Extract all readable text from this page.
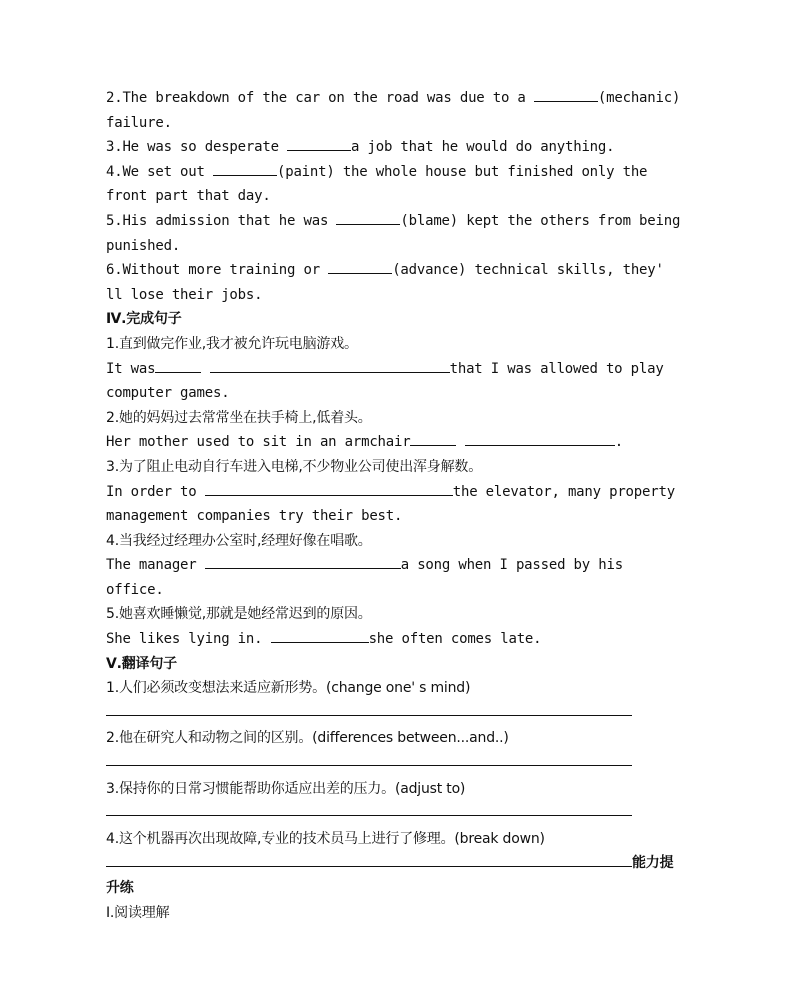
2.The breakdown of the car on the road was due to a	(mechanic)
failure.
3.He was so desperate	a job that he would do anything.
4.We set out	(paint) the whole house but finished only the
front part that day.
5.His admission that he was	(blame) kept the others from being
punished.
6.Without more training or	(advance) technical skills, they'
ll lose their jobs.
Ⅳ.完成句子
1.直到做完作业,我才被允许玩电脑游戏。
It was	that I was allowed to play
computer games.
2.她的妈妈过去常常坐在扶手椅上,低着头。
Her mother used to sit in an armchair	.
3.为了阻止电动自行车进入电梯,不少物业公司使出浑身解数。
In order to	the elevator, many property
management companies try their best.
4.当我经过经理办公室时,经理好像在唱歌。
The manager	a song when I passed by his
office.
5.她喜欢睡懒觉,那就是她经常迟到的原因。
She likes lying in.	she often comes late.
Ⅴ.翻译句子
1.人们必须改变想法来适应新形势。(change one' s mind)
2.他在研究人和动物之间的区别。(differences between...and..)
3.保持你的日常习惯能帮助你适应出差的压力。(adjust to)
4.这个机器再次出现故障,专业的技术员马上进行了修理。(break down)
能力提
升练
Ⅰ.阅读理解
